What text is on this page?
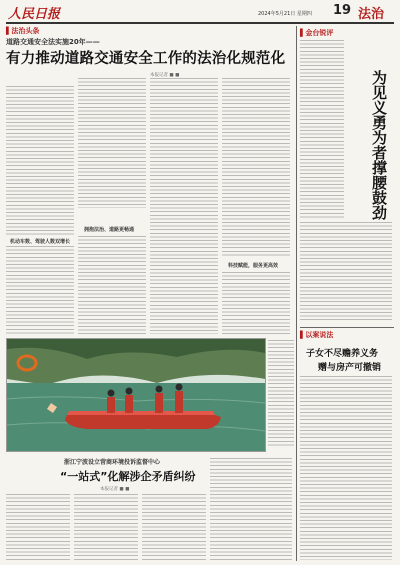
人民日报	2024年5月21日 星期四 19 法治
▌法治头条
道路交通安全法实施20年——
有力推动道路交通安全工作的法治化规范化
本报记者 ■ ■
机动车数、驾驶人数双增长
拥抱法治、道路更畅通
科技赋能，服务更高效
▌金台锐评
为见义勇为者撑腰鼓劲
▌以案说法
子女不尽赡养义务
赠与房产可撤销
浙江宁波设立营商环境投诉监督中心
“一站式”化解涉企矛盾纠纷
本报记者 ■ ■
